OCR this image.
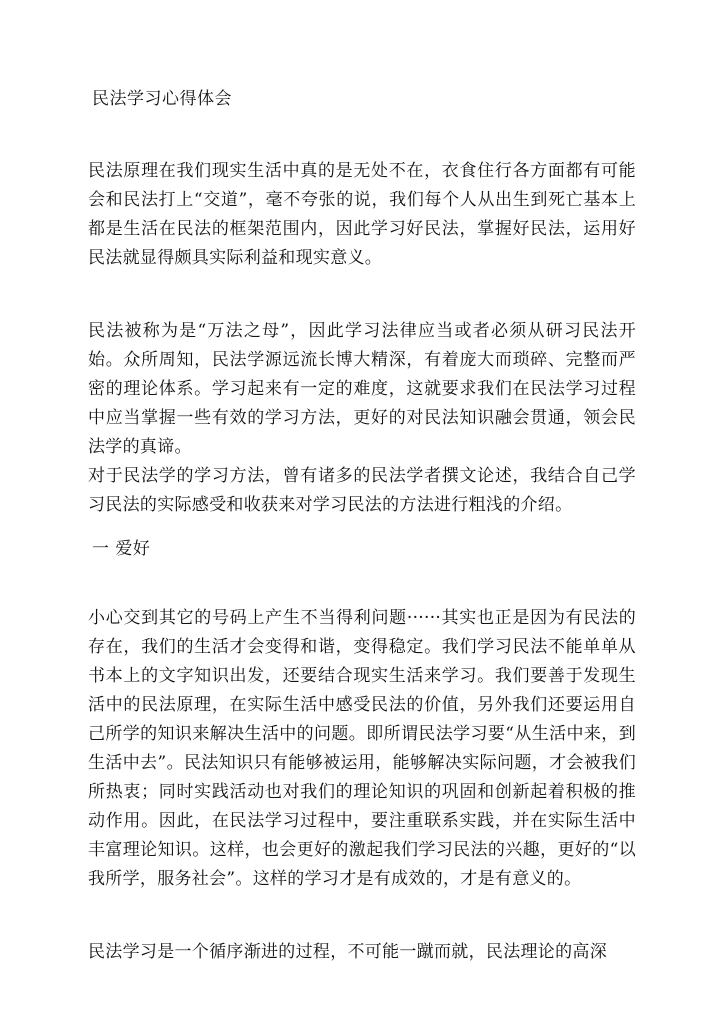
民法学习心得体会

民法原理在我们现实生活中真的是无处不在，衣食住行各方面都有可能会和民法打上“交道”，毫不夸张的说，我们每个人从出生到死亡基本上都是生活在民法的框架范围内，因此学习好民法，掌握好民法，运用好民法就显得颇具实际利益和现实意义。

民法被称为是“万法之母”，因此学习法律应当或者必须从研习民法开始。众所周知，民法学源远流长博大精深，有着庞大而琐碎、完整而严密的理论体系。学习起来有一定的难度，这就要求我们在民法学习过程中应当掌握一些有效的学习方法，更好的对民法知识融会贯通，领会民法学的真谛。

对于民法学的学习方法，曾有诸多的民法学者撰文论述，我结合自己学习民法的实际感受和收获来对学习民法的方法进行粗浅的介绍。

一 爱好

小心交到其它的号码上产生不当得利问题······其实也正是因为有民法的存在，我们的生活才会变得和谐，变得稳定。我们学习民法不能单单从书本上的文字知识出发，还要结合现实生活来学习。我们要善于发现生活中的民法原理，在实际生活中感受民法的价值，另外我们还要运用自己所学的知识来解决生活中的问题。即所谓民法学习要“从生活中来，到生活中去”。民法知识只有能够被运用，能够解决实际问题，才会被我们所热衷；同时实践活动也对我们的理论知识的巩固和创新起着积极的推动作用。因此，在民法学习过程中，要注重联系实践，并在实际生活中丰富理论知识。这样，也会更好的激起我们学习民法的兴趣，更好的“以我所学，服务社会”。这样的学习才是有成效的，才是有意义的。

民法学习是一个循序渐进的过程，不可能一蹴而就，民法理论的高深
